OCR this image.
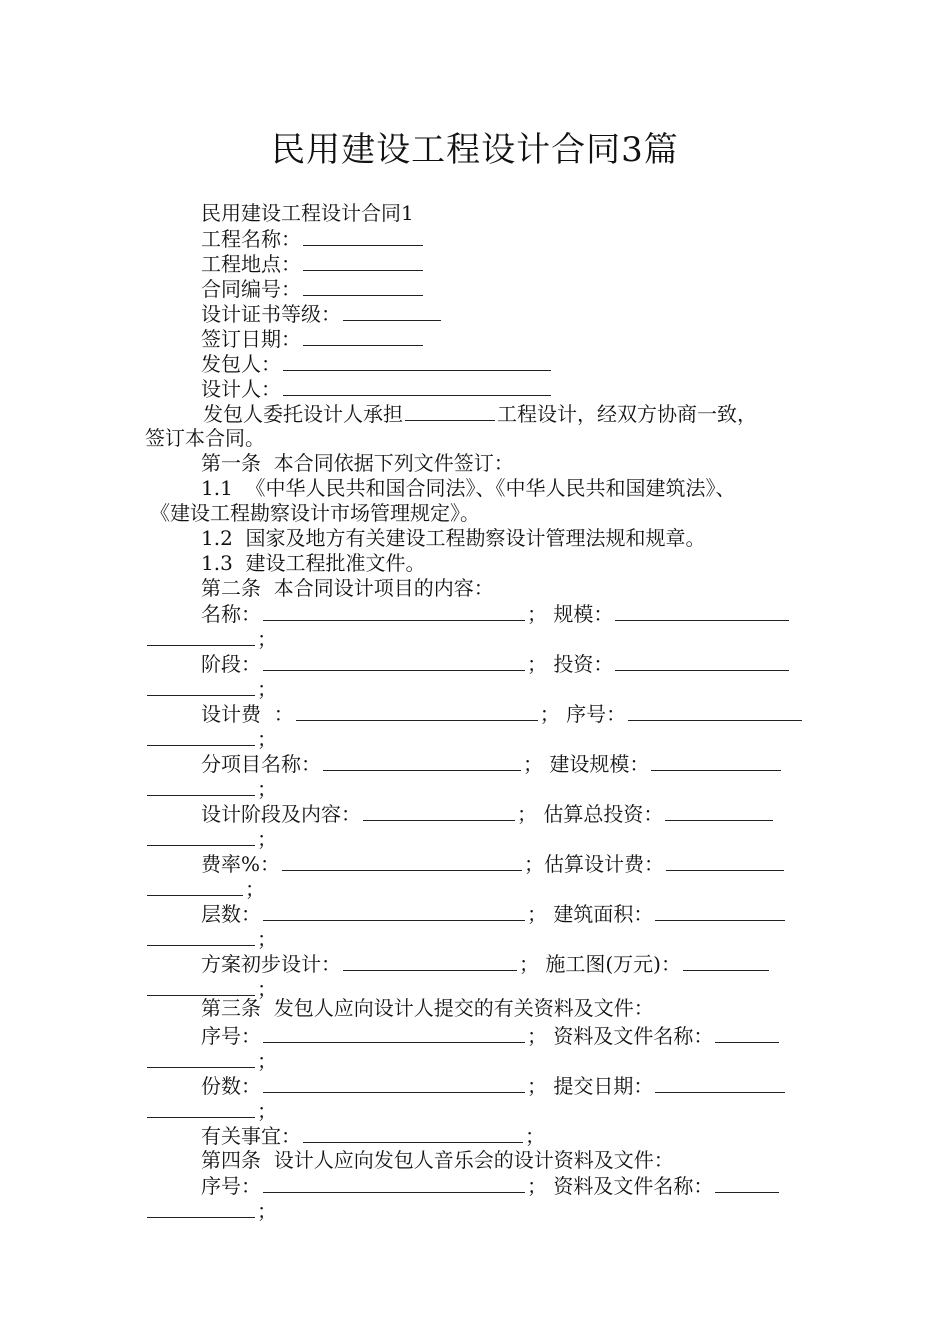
民用建设工程设计合同3篇
民用建设工程设计合同1
工程名称：
工程地点：
合同编号：
设计证书等级：
签订日期：
发包人：
设计人：
发包人委托设计人承担	工程设计，经双方协商一致，
签订本合同。
第一条  本合同依据下列文件签订：
1.1  《中华人民共和国合同法》、《中华人民共和国建筑法》、
《建设工程勘察设计市场管理规定》。
1.2  国家及地方有关建设工程勘察设计管理法规和规章。
1.3  建设工程批准文件。
第二条  本合同设计项目的内容：
名称：	； 规模：
；
阶段：	； 投资：
；
设计费  ：	； 序号：
；
分项目名称：	； 建设规模：
；
设计阶段及内容：	； 估算总投资：
；
费率%：	；估算设计费：
；
层数：	； 建筑面积：
；
方案初步设计：	； 施工图(万元)：
；
第三条  发包人应向设计人提交的有关资料及文件：
序号：	； 资料及文件名称：
；
份数：	； 提交日期：
；
有关事宜：	；
第四条  设计人应向发包人音乐会的设计资料及文件：
序号：	； 资料及文件名称：
；
